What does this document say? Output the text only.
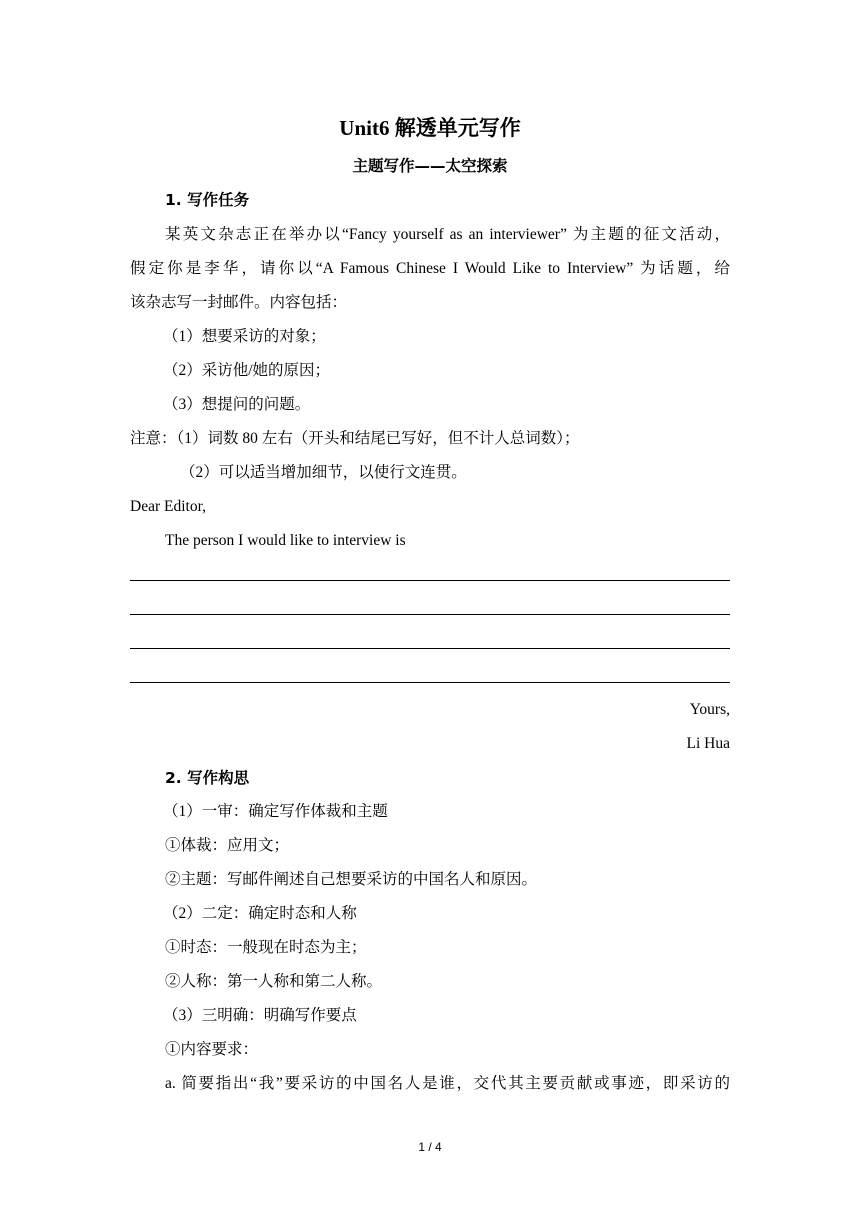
Unit6 解透单元写作
主题写作——太空探索
1. 写作任务
某英文杂志正在举办以“Fancy yourself as an interviewer” 为主题的征文活动，
假定你是李华，请你以“A Famous Chinese I Would Like to Interview” 为话题，给
该杂志写一封邮件。内容包括：
（1）想要采访的对象；
（2）采访他/她的原因；
（3）想提问的问题。
注意：（1）词数 80 左右（开头和结尾已写好，但不计人总词数）；
（2）可以适当增加细节，以使行文连贯。
Dear Editor,
The person I would like to interview is
Yours,
Li Hua
2. 写作构思
（1）一审：确定写作体裁和主题
①体裁：应用文；
②主题：写邮件阐述自己想要采访的中国名人和原因。
（2）二定：确定时态和人称
①时态：一般现在时态为主；
②人称：第一人称和第二人称。
（3）三明确：明确写作要点
①内容要求：
a. 简要指出“我”要采访的中国名人是谁，交代其主要贡献或事迹，即采访的
1 / 4
